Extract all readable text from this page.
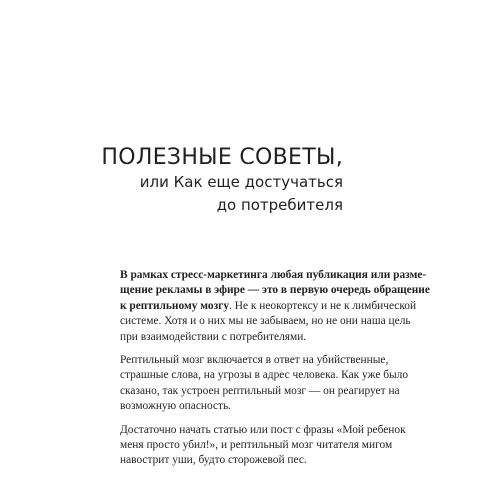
ПОЛЕЗНЫЕ СОВЕТЫ,

или Как еще достучаться

до потребителя

В рамках стресс-маркетинга любая публикация или разме-
щение рекламы в эфире — это в первую очередь обращение
к рептильному мозгу. Не к неокортексу и не к лимбической
системе. Хотя и о них мы не забываем, но не они наша цель
при взаимодействии с потребителями.
Рептильный мозг включается в ответ на убийственные,
страшные слова, на угрозы в адрес человека. Как уже было
сказано, так устроен рептильный мозг — он реагирует на
возможную опасность.
Достаточно начать статью или пост с фразы «Мой ребенок
меня просто убил!», и рептильный мозг читателя мигом
навострит уши, будто сторожевой пес.
